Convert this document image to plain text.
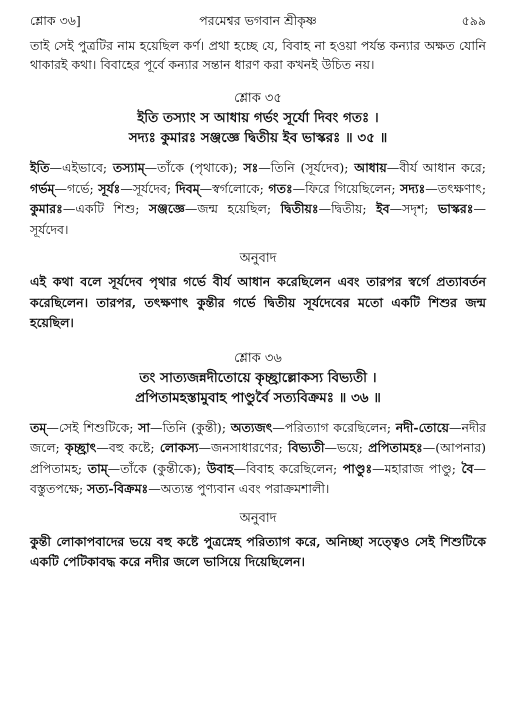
শ্লোক ৩৬]	পরমেশ্বর ভগবান শ্রীকৃষ্ণ	৫৯৯

তাই সেই পুত্রটির নাম হয়েছিল কর্ণ। প্রথা হচ্ছে যে, বিবাহ না হওয়া পর্যন্ত কন্যার অক্ষত যোনি থাকারই কথা। বিবাহের পূর্বে কন্যার সন্তান ধারণ করা কখনই উচিত নয়।

শ্লোক ৩৫
ইতি তস্যাং স আধায় গর্ভং সূর্যো দিবং গতঃ ।
সদ্যঃ কুমারঃ সঞ্জজ্ঞে দ্বিতীয় ইব ভাস্করঃ ॥ ৩৫ ॥

ইতি—এইভাবে; তস্যাম্—তাঁকে (পৃথাকে); সঃ—তিনি (সূর্যদেব); আধায়—বীর্য আধান করে; গর্ভম্—গর্ভে; সূর্যঃ—সূর্যদেব; দিবম্—স্বর্গলোকে; গতঃ—ফিরে গিয়েছিলেন; সদ্যঃ—তৎক্ষণাৎ; কুমারঃ—একটি শিশু; সঞ্জজ্ঞে—জন্ম হয়েছিল; দ্বিতীয়ঃ—দ্বিতীয়; ইব—সদৃশ; ভাস্করঃ—সূর্যদেব।

অনুবাদ

এই কথা বলে সূর্যদেব পৃথার গর্ভে বীর্য আধান করেছিলেন এবং তারপর স্বর্গে প্রত্যাবর্তন করেছিলেন। তারপর, তৎক্ষণাৎ কুন্তীর গর্ভে দ্বিতীয় সূর্যদেবের মতো একটি শিশুর জন্ম হয়েছিল।

শ্লোক ৩৬
তং সাত্যজন্নদীতোয়ে কৃচ্ছ্রাল্লোকস্য বিভ্যতী ।
প্রপিতামহস্তামুবাহ পাণ্ডুর্বৈ সত্যবিক্রমঃ ॥ ৩৬ ॥

তম্—সেই শিশুটিকে; সা—তিনি (কুন্তী); অত্যজৎ—পরিত্যাগ করেছিলেন; নদী-তোয়ে—নদীর জলে; কৃচ্ছ্রাৎ—বহু কষ্টে; লোকস্য—জনসাধারণের; বিভ্যতী—ভয়ে; প্রপিতামহঃ—(আপনার) প্রপিতামহ; তাম্—তাঁকে (কুন্তীকে); উবাহ—বিবাহ করেছিলেন; পাণ্ডুঃ—মহারাজ পাণ্ডু; বৈ—বস্তুতপক্ষে; সত্য-বিক্রমঃ—অত্যন্ত পুণ্যবান এবং পরাক্রমশালী।

অনুবাদ

কুন্তী লোকাপবাদের ভয়ে বহু কষ্টে পুত্রস্নেহ পরিত্যাগ করে, অনিচ্ছা সত্ত্বেও সেই শিশুটিকে একটি পেটিকাবদ্ধ করে নদীর জলে ভাসিয়ে দিয়েছিলেন।
